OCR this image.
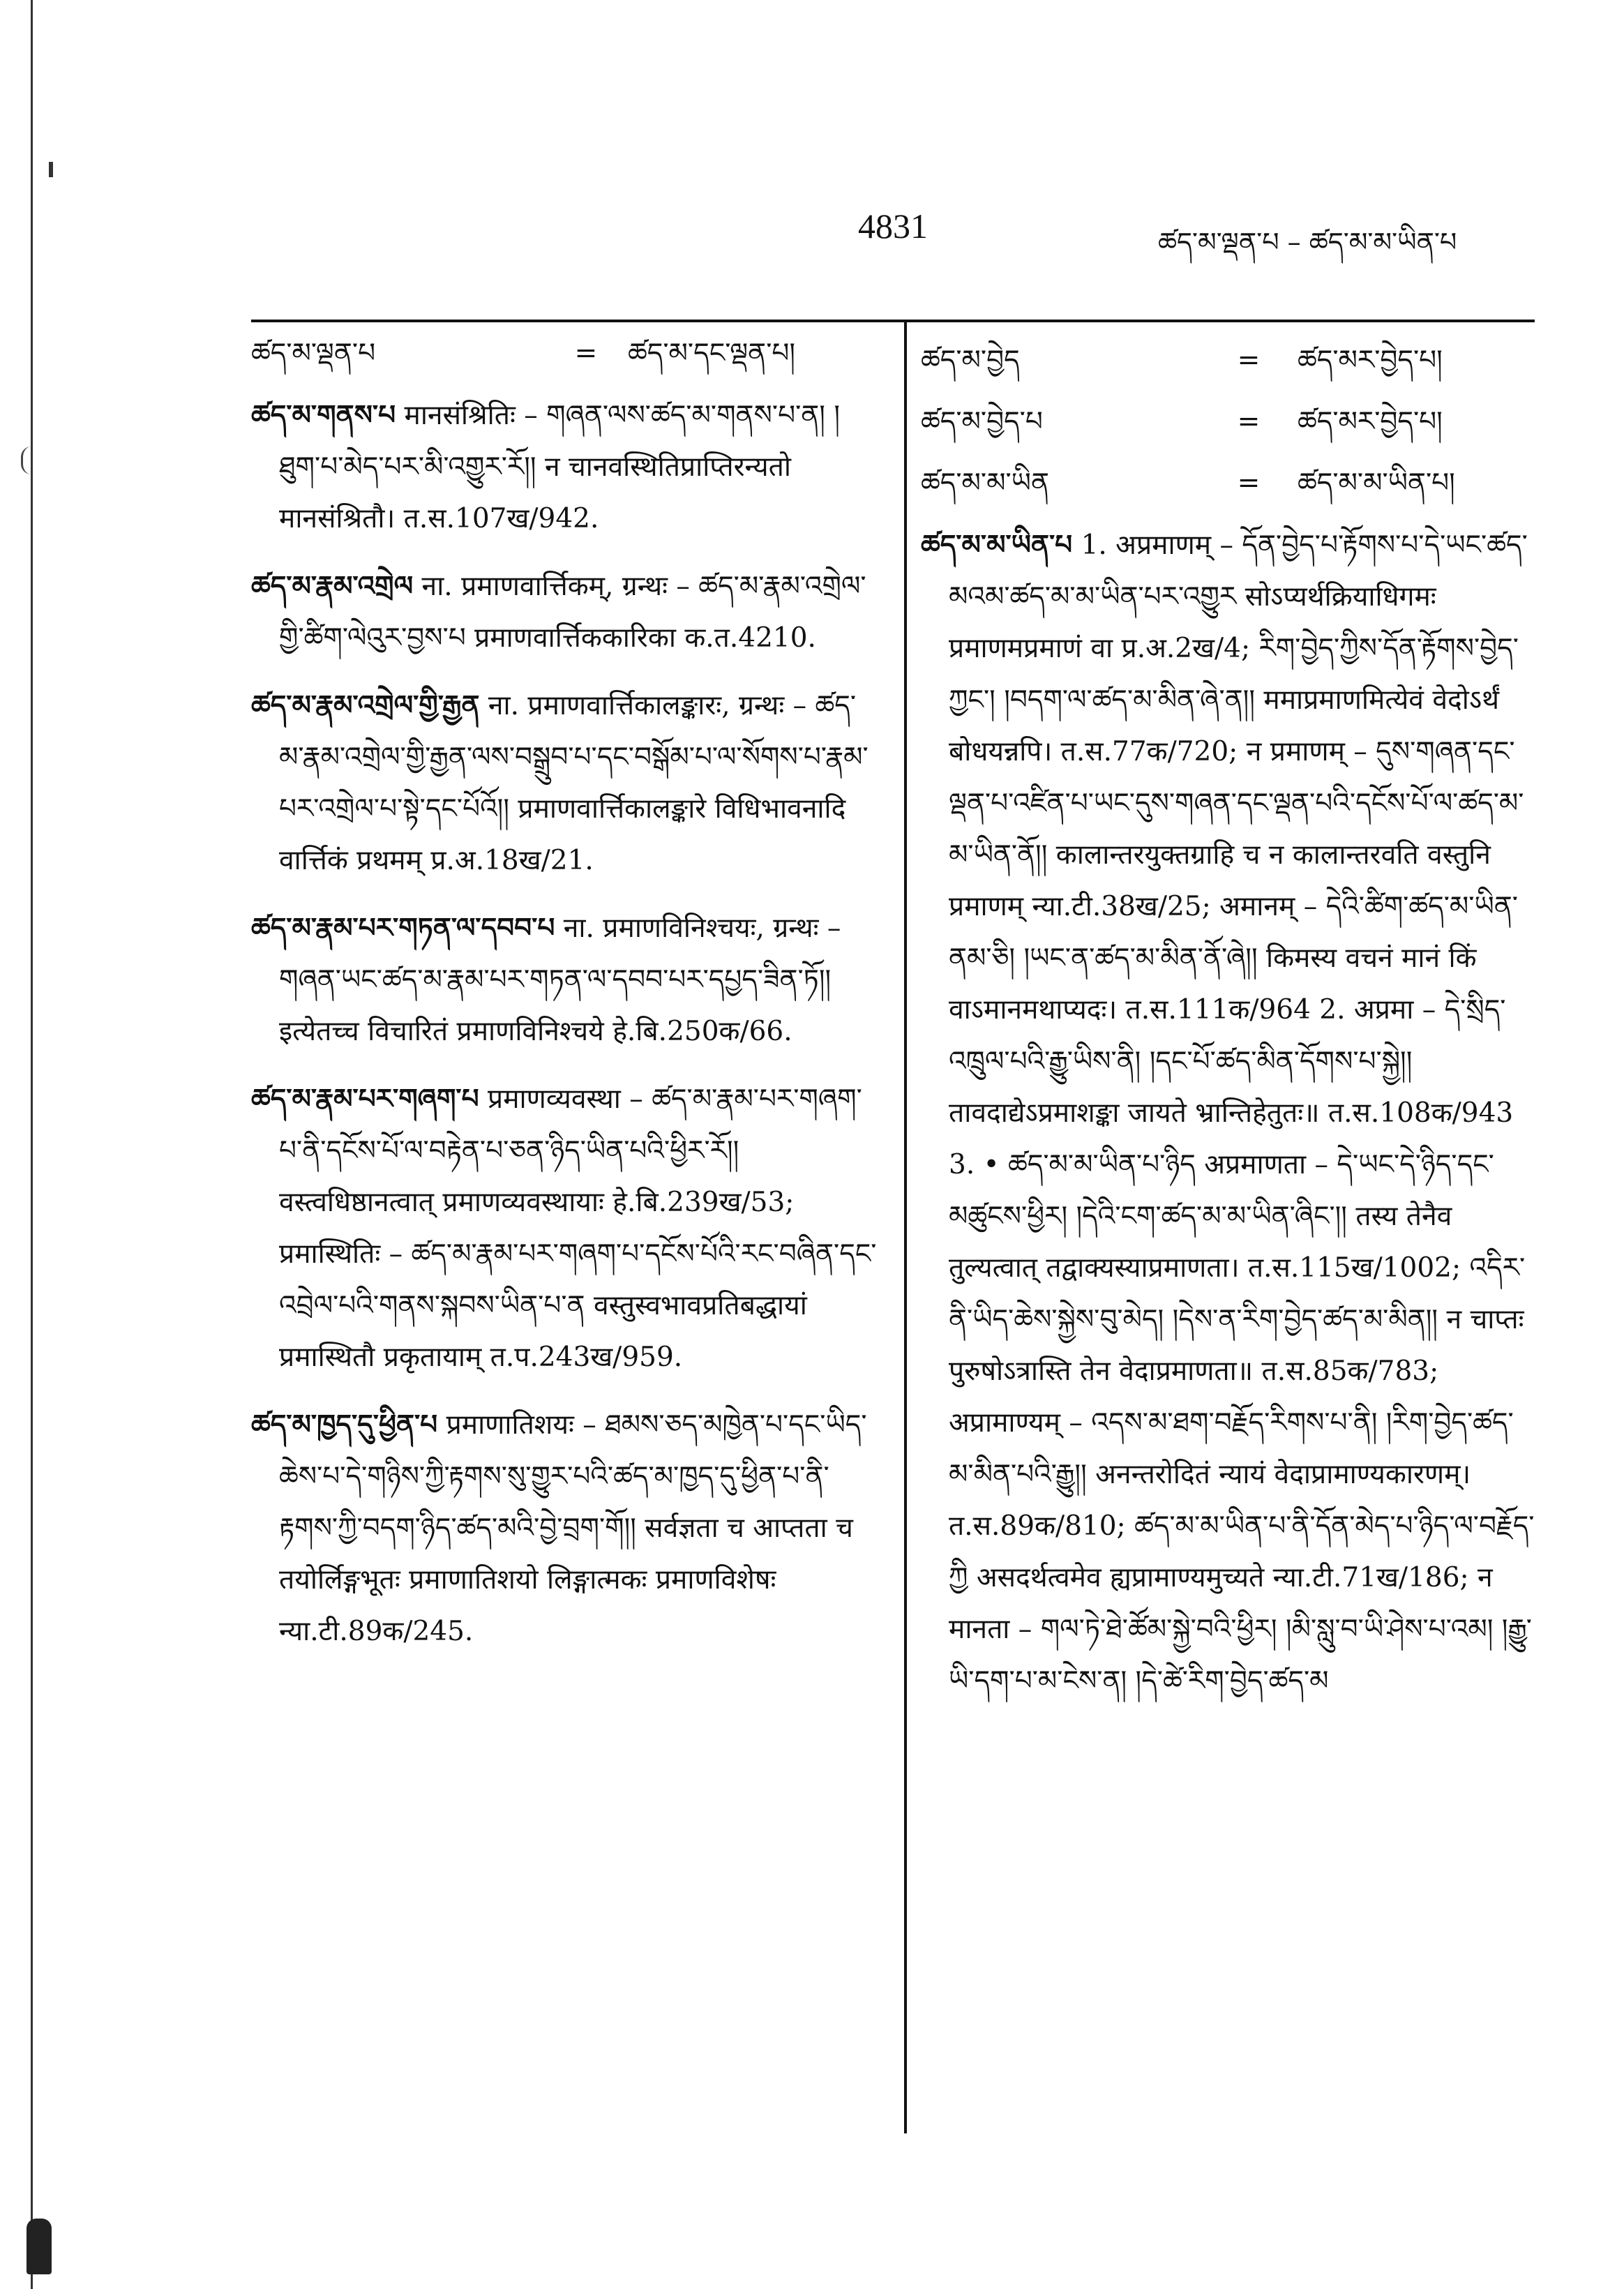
4831	ཚད་མ་ལྡན་པ – ཚད་མ་མ་ཡིན་པ
ཚད་མ་ལྡན་པ	=	ཚད་མ་དང་ལྡན་པ།

ཚད་མ་གནས་པ मानसंश्रितिः – གཞན་ལས་ཚད་མ་གནས་པ་ན། །ཐུག་པ་མེད་པར་མི་འགྱུར་རོ།། न चानवस्थितिप्राप्तिरन्यतो मानसंश्रितौ। त.स.107ख/942.

ཚད་མ་རྣམ་འགྲེལ ना. प्रमाणवार्त्तिकम्, ग्रन्थः – ཚད་མ་རྣམ་འགྲེལ་གྱི་ཚིག་ལེའུར་བྱས་པ प्रमाणवार्त्तिककारिका क.त.4210.

ཚད་མ་རྣམ་འགྲེལ་གྱི་རྒྱན ना. प्रमाणवार्त्तिकालङ्कारः, ग्रन्थः – ཚད་མ་རྣམ་འགྲེལ་གྱི་རྒྱན་ལས་བསྒྲུབ་པ་དང་བསྒོམ་པ་ལ་སོགས་པ་རྣམ་པར་འགྲེལ་པ་སྟེ་དང་པོའོ།། प्रमाणवार्त्तिकालङ्कारे विधिभावनादि वार्त्तिकं प्रथमम् प्र.अ.18ख/21.

ཚད་མ་རྣམ་པར་གཏན་ལ་དབབ་པ ना. प्रमाणविनिश्चयः, ग्रन्थः – གཞན་ཡང་ཚད་མ་རྣམ་པར་གཏན་ལ་དབབ་པར་དཔྱད་ཟིན་ཏོ།། इत्येतच्च विचारितं प्रमाणविनिश्चये हे.बि.250क/66.

ཚད་མ་རྣམ་པར་གཞག་པ प्रमाणव्यवस्था – ཚད་མ་རྣམ་པར་གཞག་པ་ནི་དངོས་པོ་ལ་བརྟེན་པ་ཅན་ཉིད་ཡིན་པའི་ཕྱིར་རོ།། वस्त्वधिष्ठानत्वात् प्रमाणव्यवस्थायाः हे.बि.239ख/53; प्रमास्थितिः – ཚད་མ་རྣམ་པར་གཞག་པ་དངོས་པོའི་རང་བཞིན་དང་འབྲེལ་པའི་གནས་སྐབས་ཡིན་པ་ན वस्तुस्वभावप्रतिबद्धायां प्रमास्थितौ प्रकृतायाम् त.प.243ख/959.

ཚད་མ་ཁྱད་དུ་ཕྱིན་པ प्रमाणातिशयः – ཐམས་ཅད་མཁྱེན་པ་དང་ཡིད་ཆེས་པ་དེ་གཉིས་ཀྱི་རྟགས་སུ་གྱུར་པའི་ཚད་མ་ཁྱད་དུ་ཕྱིན་པ་ནི་རྟགས་ཀྱི་བདག་ཉིད་ཚད་མའི་བྱེ་བྲག་གོ།། सर्वज्ञता च आप्तता च तयोर्लिङ्गभूतः प्रमाणातिशयो लिङ्गात्मकः प्रमाणविशेषः न्या.टी.89क/245.

ཚད་མ་བྱེད	=	ཚད་མར་བྱེད་པ།
ཚད་མ་བྱེད་པ	=	ཚད་མར་བྱེད་པ།
ཚད་མ་མ་ཡིན	=	ཚད་མ་མ་ཡིན་པ།

ཚད་མ་མ་ཡིན་པ 1. अप्रमाणम् – དོན་བྱེད་པ་རྟོགས་པ་དེ་ཡང་ཚད་མའམ་ཚད་མ་མ་ཡིན་པར་འགྱུར सोऽप्यर्थक्रियाधिगमः प्रमाणमप्रमाणं वा प्र.अ.2ख/4; རིག་བྱེད་ཀྱིས་དོན་རྟོགས་བྱེད་ཀྱང་། །བདག་ལ་ཚད་མ་མིན་ཞེ་ན།། ममाप्रमाणमित्येवं वेदोऽर्थं बोधयन्नपि। त.स.77क/720; न प्रमाणम् – དུས་གཞན་དང་ལྡན་པ་འཛིན་པ་ཡང་དུས་གཞན་དང་ལྡན་པའི་དངོས་པོ་ལ་ཚད་མ་མ་ཡིན་ནོ།། कालान्तरयुक्तग्राहि च न कालान्तरवति वस्तुनि प्रमाणम् न्या.टी.38ख/25; अमानम् – དེའི་ཚིག་ཚད་མ་ཡིན་ནམ་ཅི། །ཡང་ན་ཚད་མ་མིན་ནོ་ཞེ།། किमस्य वचनं मानं किं वाऽमानमथाप्यदः। त.स.111क/964 2. अप्रमा – དེ་སྲིད་འཁྲུལ་པའི་རྒྱུ་ཡིས་ནི། །དང་པོ་ཚད་མིན་དོགས་པ་སྐྱེ།། तावदाद्येऽप्रमाशङ्का जायते भ्रान्तिहेतुतः॥ त.स.108क/943 3. • ཚད་མ་མ་ཡིན་པ་ཉིད अप्रमाणता – དེ་ཡང་དེ་ཉིད་དང་མཚུངས་ཕྱིར། །དེའི་ངག་ཚད་མ་མ་ཡིན་ཞིང་།། तस्य तेनैव तुल्यत्वात् तद्वाक्यस्याप्रमाणता। त.स.115ख/1002; འདིར་ནི་ཡིད་ཆེས་སྐྱེས་བུ་མེད། །དེས་ན་རིག་བྱེད་ཚད་མ་མིན།། न चाप्तः पुरुषोऽत्रास्ति तेन वेदाप्रमाणता॥ त.स.85क/783; अप्रामाण्यम् – འདས་མ་ཐག་བརྗོད་རིགས་པ་ནི། །རིག་བྱེད་ཚད་མ་མིན་པའི་རྒྱུ།། अनन्तरोदितं न्यायं वेदाप्रामाण्यकारणम्। त.स.89क/810; ཚད་མ་མ་ཡིན་པ་ནི་དོན་མེད་པ་ཉིད་ལ་བརྗོད་ཀྱི असदर्थत्वमेव ह्यप्रामाण्यमुच्यते न्या.टी.71ख/186; न मानता – གལ་ཏེ་ཐེ་ཚོམ་སྐྱེ་བའི་ཕྱིར། །མི་སླུ་བ་ཡི་ཤེས་པ་འམ། །རྒྱུ་ཡི་དག་པ་མ་ངེས་ན། །དེ་ཚེ་རིག་བྱེད་ཚད་མ
